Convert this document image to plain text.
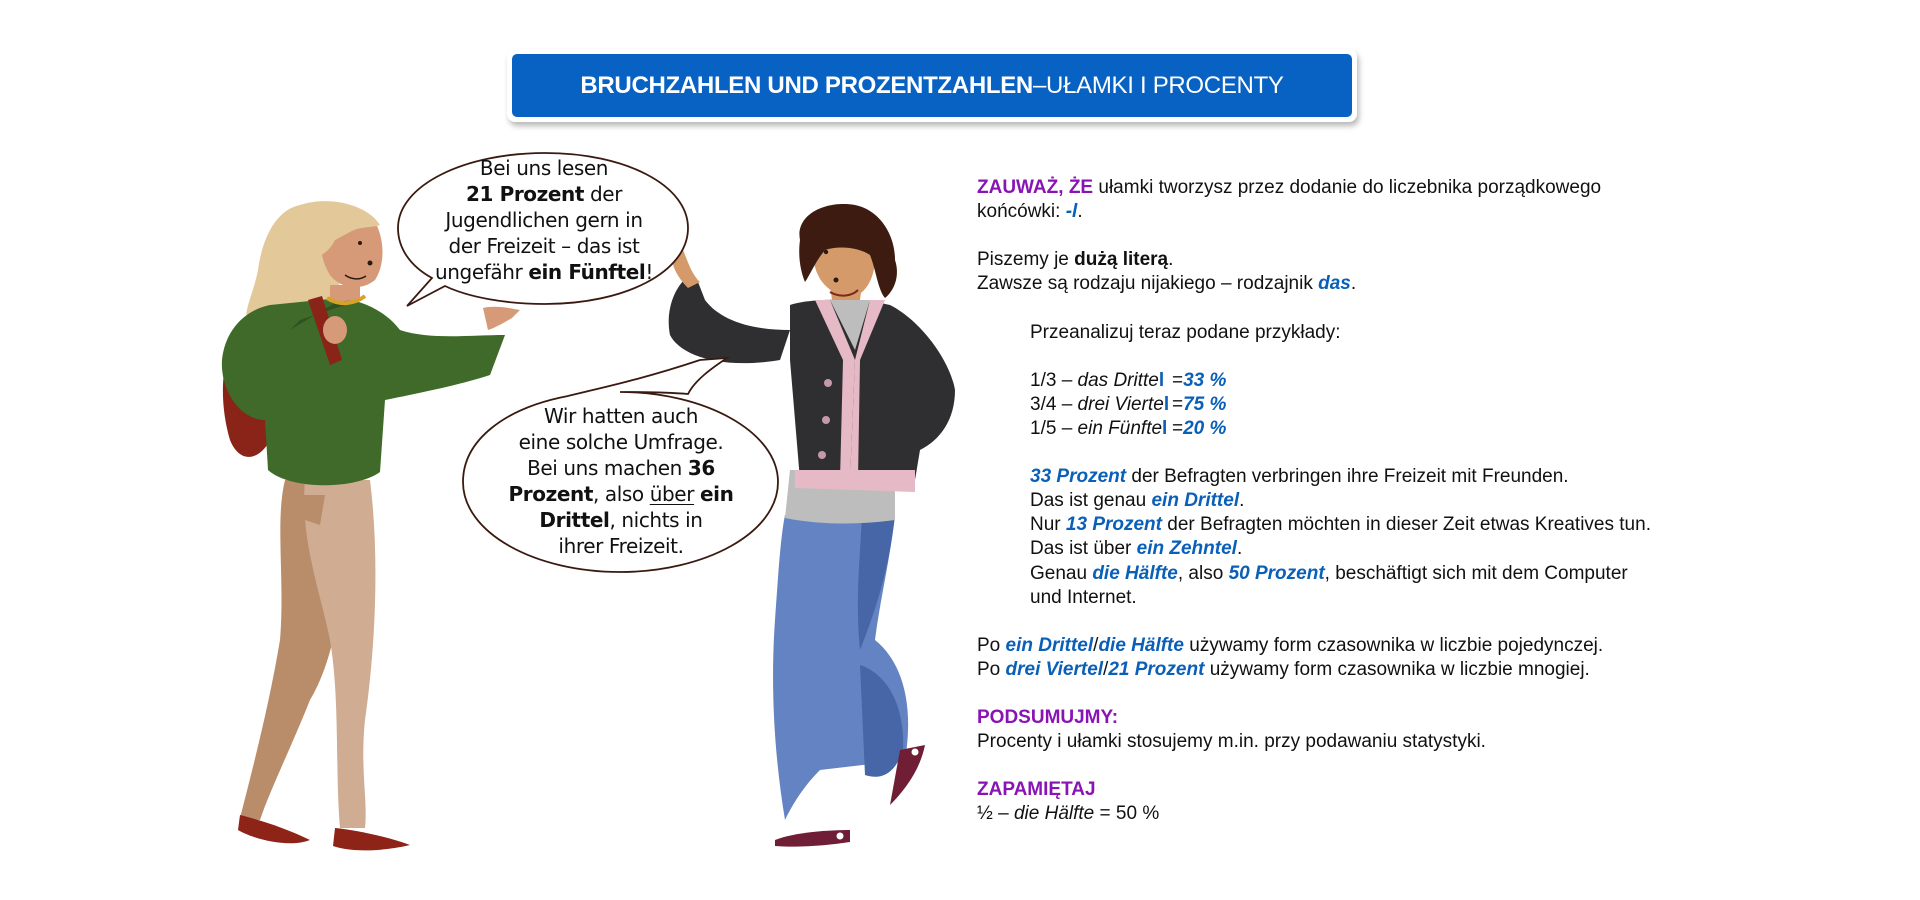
BRUCHZAHLEN UND PROZENTZAHLEN – UŁAMKI I PROCENTY
Bei uns lesen
21 Prozent der
Jugendlichen gern in
der Freizeit – das ist
ungefähr ein Fünftel!
Wir hatten auch
eine solche Umfrage.
Bei uns machen 36
Prozent, also über ein
Drittel, nichts in
ihrer Freizeit.
ZAUWAŻ, ŻE ułamki tworzysz przez dodanie do liczebnika porządkowego
końcówki: -l.
Piszemy je dużą literą.
Zawsze są rodzaju nijakiego – rodzajnik das.
Przeanalizuj teraz podane przykłady:
1/3 – das Drittel = 33 %
3/4 – drei Viertel = 75 %
1/5 – ein Fünftel = 20 %
33 Prozent der Befragten verbringen ihre Freizeit mit Freunden.
Das ist genau ein Drittel.
Nur 13 Prozent der Befragten möchten in dieser Zeit etwas Kreatives tun.
Das ist über ein Zehntel.
Genau die Hälfte, also 50 Prozent, beschäftigt sich mit dem Computer
und Internet.
Po ein Drittel/die Hälfte używamy form czasownika w liczbie pojedynczej.
Po drei Viertel/21 Prozent używamy form czasownika w liczbie mnogiej.
PODSUMUJMY:
Procenty i ułamki stosujemy m.in. przy podawaniu statystyki.
ZAPAMIĘTAJ
½ – die Hälfte = 50 %
